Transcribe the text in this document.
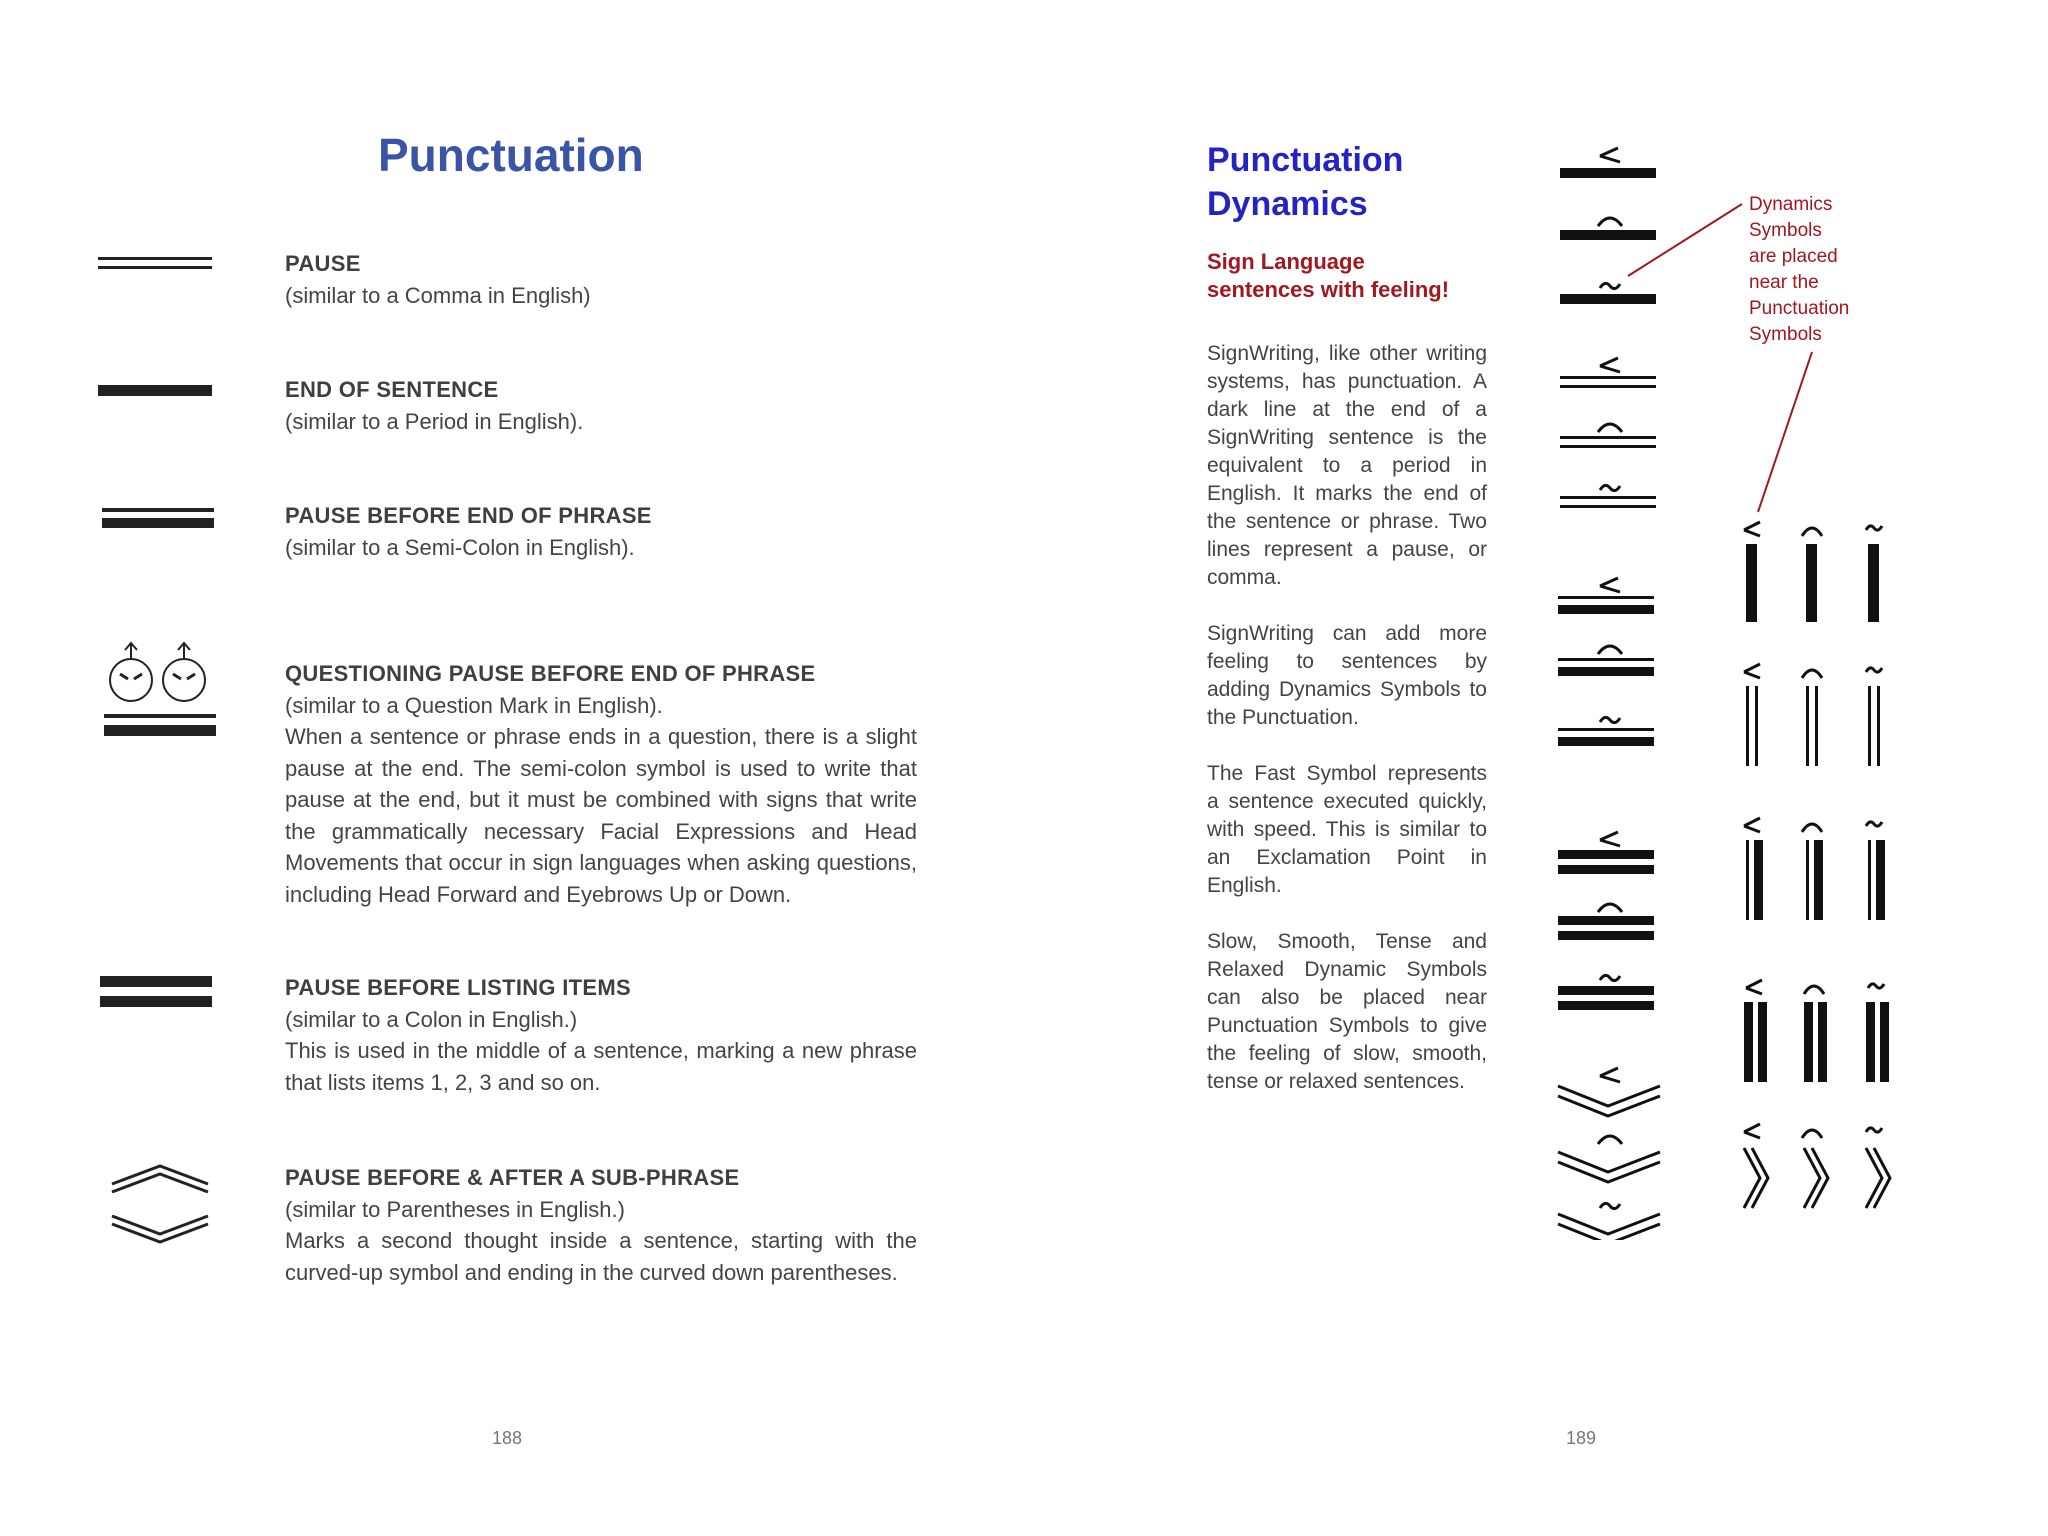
Punctuation
PAUSE
(similar to a Comma in English)
END OF SENTENCE
(similar to a Period in English).
PAUSE BEFORE END OF PHRASE
(similar to a Semi-Colon in English).
QUESTIONING PAUSE BEFORE END OF PHRASE
(similar to a Question Mark in English).
When a sentence or phrase ends in a question, there is a slight pause at the end. The semi-colon symbol is used to write that pause at the end, but it must be combined with signs that write the grammatically necessary Facial Expressions and Head Movements that occur in sign languages when asking questions, including Head Forward and Eyebrows Up or Down.
PAUSE BEFORE LISTING ITEMS
(similar to a Colon in English.)
This is used in the middle of a sentence, marking a new phrase that lists items 1, 2, 3 and so on.
PAUSE BEFORE & AFTER A SUB-PHRASE
(similar to Parentheses in English.)
Marks a second thought inside a sentence, starting with the curved-up symbol and ending in the curved down parentheses.
188
Punctuation
Dynamics
Sign Language
sentences with feeling!
SignWriting, like other writing systems, has punctuation. A dark line at the end of a SignWriting sentence is the equivalent to a period in English. It marks the end of the sentence or phrase. Two lines represent a pause, or comma.
SignWriting can add more feeling to sentences by adding Dynamics Symbols to the Punctuation.
The Fast Symbol represents a sentence executed quickly, with speed. This is similar to an Exclamation Point in English.
Slow, Smooth, Tense and Relaxed Dynamic Symbols can also be placed near Punctuation Symbols to give the feeling of slow, smooth, tense or relaxed sentences.
Dynamics
Symbols
are placed
near the
Punctuation
Symbols
189
